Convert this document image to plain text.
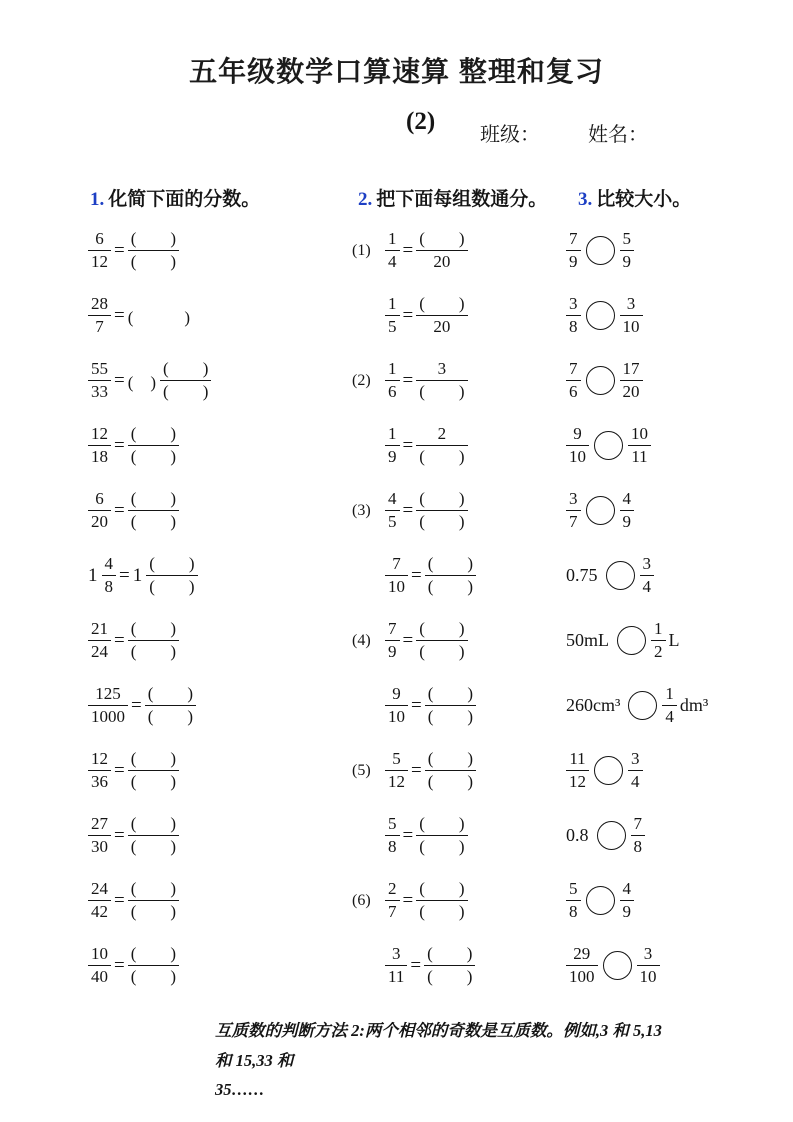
五年级数学口算速算 整理和复习
(2) 班级： 姓名：
1. 化简下面的分数。	2. 把下面每组数通分。 3. 比较大小。
$\frac{6}{12} = \frac{( )}{( )}$
$\frac{28}{7}$ = (　　　)
$\frac{55}{33}$ = (　) $\frac{( )}{( )}$
$\frac{12}{18} = \frac{( )}{( )}$
$\frac{6}{20} = \frac{( )}{( )}$
$1 \frac{4}{8} = 1 \frac{( )}{( )}$
$\frac{21}{24} = \frac{( )}{( )}$
$\frac{125}{1000} = \frac{( )}{( )}$
$\frac{12}{36} = \frac{( )}{( )}$
$\frac{27}{30} = \frac{( )}{( )}$
$\frac{24}{42} = \frac{( )}{( )}$
$\frac{10}{40} = \frac{( )}{( )}$
$(1) \frac{1}{4} = \frac{( )}{20}$
$\frac{1}{5} = \frac{( )}{20}$
$(2) \frac{1}{6} = \frac{3}{( )}$
$\frac{1}{9} = \frac{2}{( )}$
$(3) \frac{4}{5} = \frac{( )}{( )}$
$\frac{7}{10} = \frac{( )}{( )}$
$(4) \frac{7}{9} = \frac{( )}{( )}$
$\frac{9}{10} = \frac{( )}{( )}$
$(5) \frac{5}{12} = \frac{( )}{( )}$
$\frac{5}{8} = \frac{( )}{( )}$
$(6) \frac{2}{7} = \frac{( )}{( )}$
$\frac{3}{11} = \frac{( )}{( )}$
$\frac{7}{9} \frac{5}{9}$
$\frac{3}{8} \frac{3}{10}$
$\frac{7}{6} \frac{17}{20}$
$\frac{9}{10} \frac{10}{11}$
$\frac{3}{7} \frac{4}{9}$
$0.75 \frac{3}{4}$
$50mL \frac{1}{2}$ L
$260cm^3 \frac{1}{4} dm^3$
$\frac{11}{12} \frac{3}{4}$
$0.8 \frac{7}{8}$
$\frac{5}{8} \frac{4}{9}$
$\frac{29}{100} \frac{3}{10}$
互质数的判断方法 2:两个相邻的奇数是互质数。例如,3 和 5,13 和 15,33 和
35……
